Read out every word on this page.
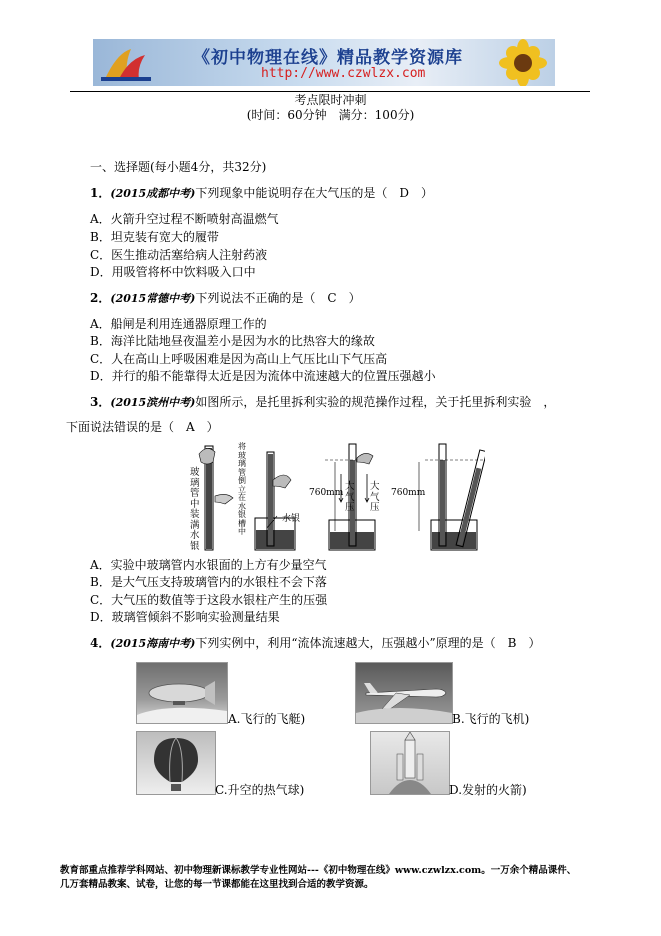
《初中物理在线》精品教学资源库
http://www.czwlzx.com
考点限时冲刺
(时间：60分钟　满分：100分)
一、选择题(每小题4分，共32分)
1．(2015成都中考)下列现象中能说明存在大气压的是（　D　）
A．火箭升空过程不断喷射高温燃气
B．坦克装有宽大的履带
C．医生推动活塞给病人注射药液
D．用吸管将杯中饮料吸入口中
2．(2015常德中考)下列说法不正确的是（　C　）
A．船闸是利用连通器原理工作的
B．海洋比陆地昼夜温差小是因为水的比热容大的缘故
C．人在高山上呼吸困难是因为高山上气压比山下气压高
D．并行的船不能靠得太近是因为流体中流速越大的位置压强越小
3．(2015滨州中考)如图所示，是托里拆利实验的规范操作过程，关于托里拆利实验　，
下面说法错误的是（　A　）
玻璃管中装满水银
将玻璃管倒立在水银槽中
水银
760mm
大气压
大气压
760mm
A．实验中玻璃管内水银面的上方有少量空气
B．是大气压支持玻璃管内的水银柱不会下落
C．大气压的数值等于这段水银柱产生的压强
D．玻璃管倾斜不影响实验测量结果
4．(2015海南中考)下列实例中，利用“流体流速越大，压强越小”原理的是（　B　）
A.飞行的飞艇)	B.飞行的飞机)
C.升空的热气球)	D.发射的火箭)
教育部重点推荐学科网站、初中物理新课标教学专业性网站---《初中物理在线》www.czwlzx.com。一万余个精品课件、
几万套精品教案、试卷，让您的每一节课都能在这里找到合适的教学资源。
